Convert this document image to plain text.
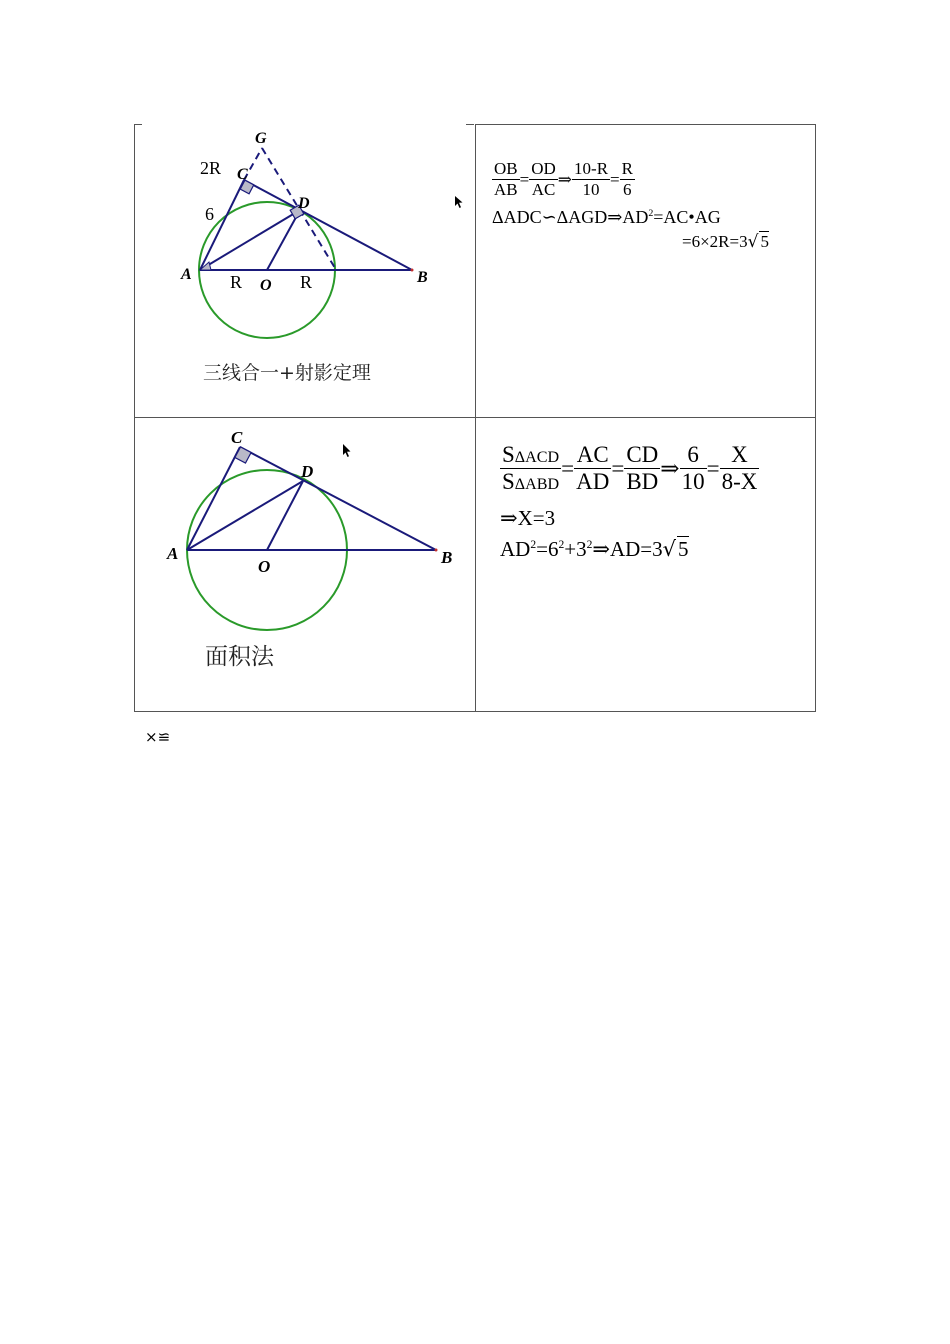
G
C
D
A
O	B
2R
6
R	R
三线合一+射影定理
$\frac{OB}{AB} = \frac{OD}{AC}$ ⇒ $\frac{10-R}{10} = \frac{R}{6}$
$\Delta ADC∽\Delta AGD\Rightarrow AD^2=AC•AG$
=6×2R=3√ 5
C
D
A
O	B
面积法
$\frac{\text{SΔACD}}{\text{SΔABD}} = \frac{AC}{AD} = \frac{CD}{BD}$ ⇒ $\frac{6}{10} = \frac{X}{8-X}$
⇒X=3
$AD^2=6^2+3^2\Rightarrow AD=3√5$
×≌
